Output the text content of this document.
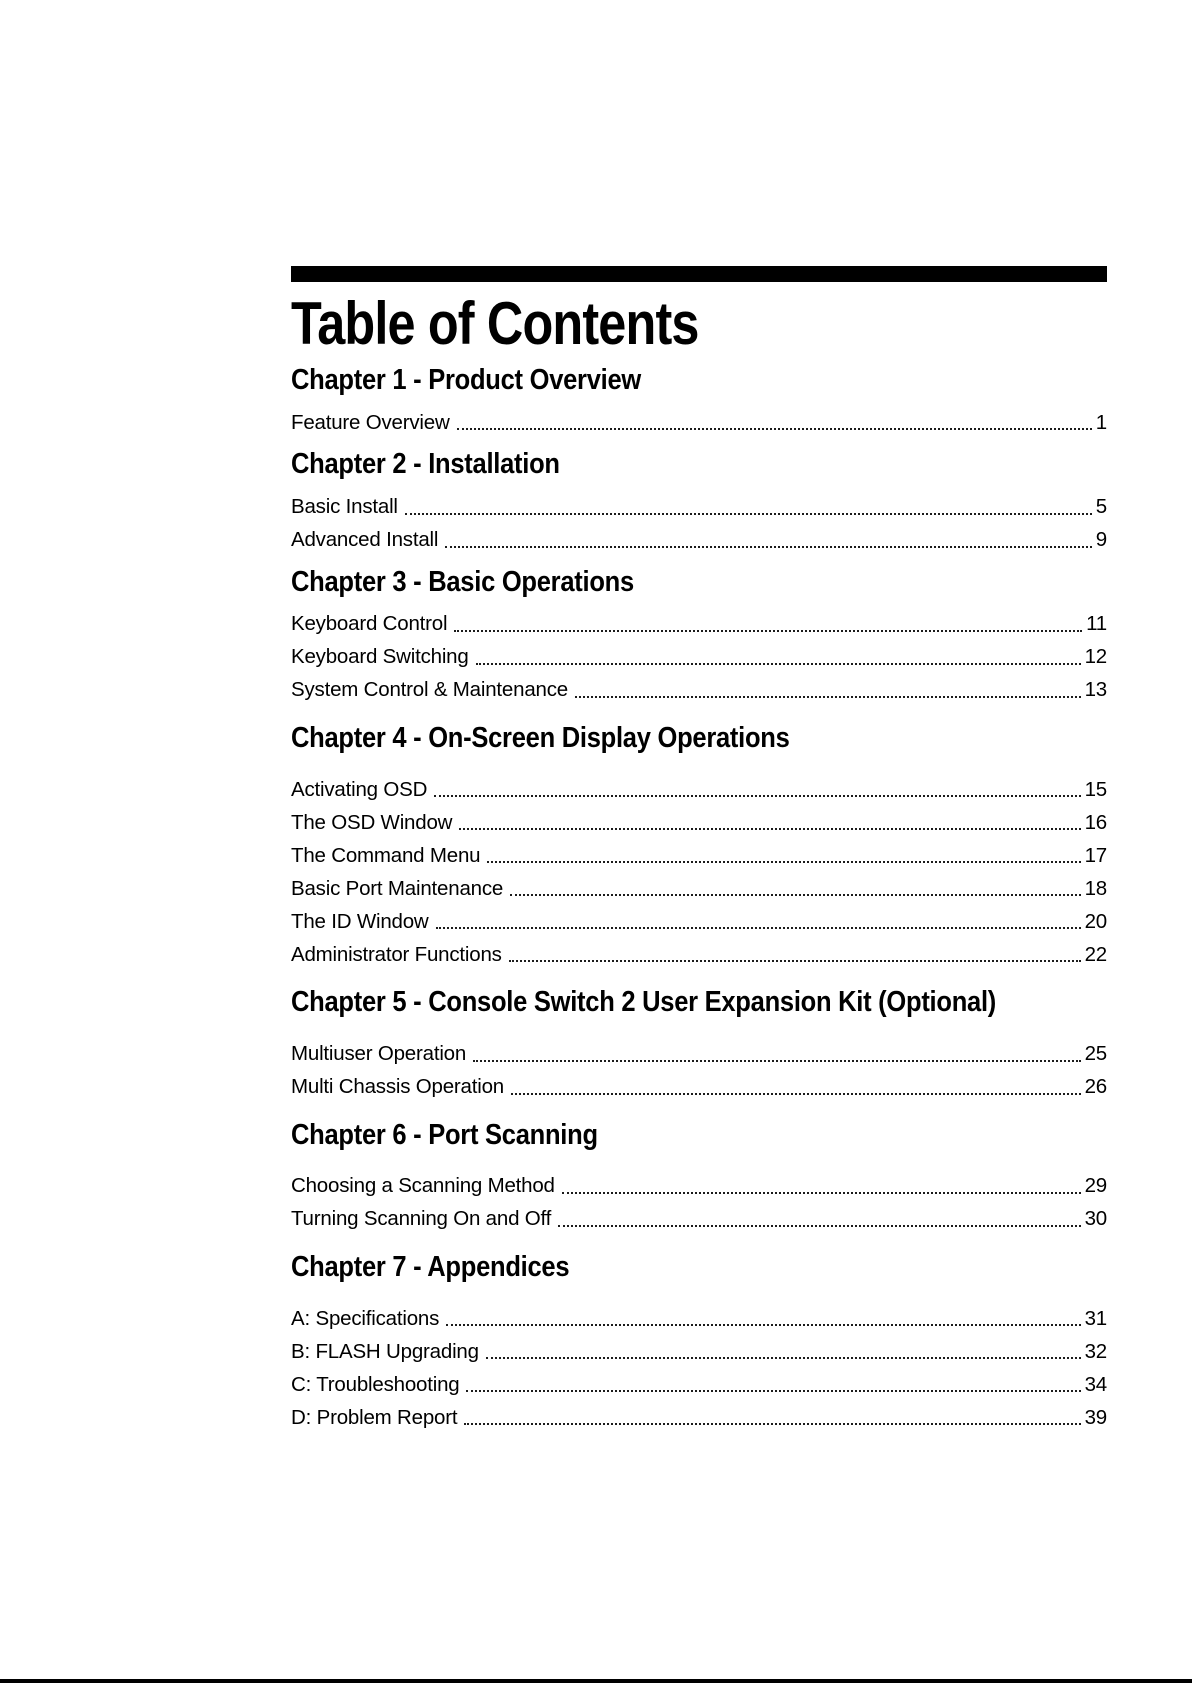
Table of Contents
Chapter 1 - Product Overview
Feature Overview	1
Chapter 2 - Installation
Basic Install	5
Advanced Install	9
Chapter 3 - Basic Operations
Keyboard Control	11
Keyboard Switching	12
System Control & Maintenance	13
Chapter 4 - On-Screen Display Operations
Activating OSD	15
The OSD Window	16
The Command Menu	17
Basic Port Maintenance	18
The ID Window	20
Administrator Functions	22
Chapter 5 - Console Switch 2 User Expansion Kit (Optional)
Multiuser Operation	25
Multi Chassis Operation	26
Chapter 6 - Port Scanning
Choosing a Scanning Method	29
Turning Scanning On and Off	30
Chapter 7 - Appendices
A: Specifications	31
B: FLASH Upgrading	32
C: Troubleshooting	34
D: Problem Report	39
